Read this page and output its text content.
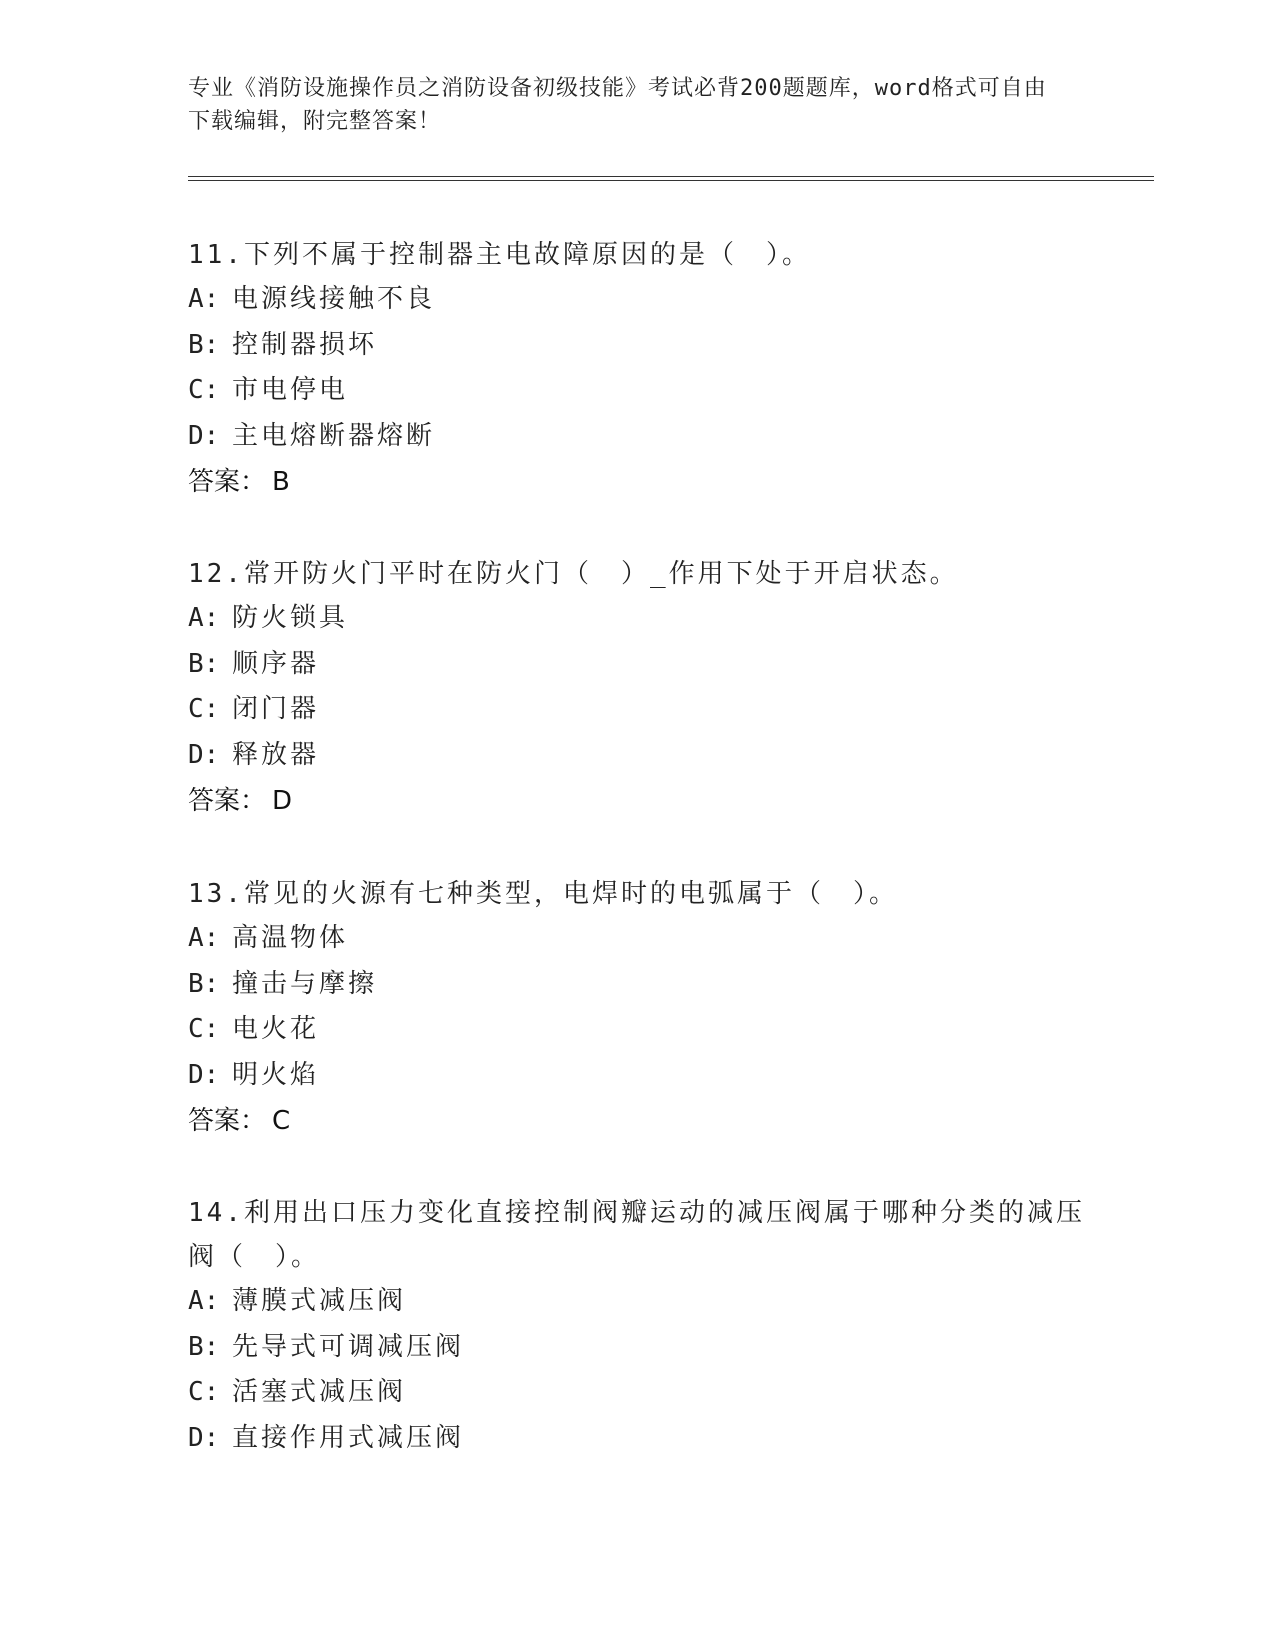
专业《消防设施操作员之消防设备初级技能》考试必背200题题库，word格式可自由下载编辑，附完整答案！
11.下列不属于控制器主电故障原因的是（　）。
A: 电源线接触不良
B: 控制器损坏
C: 市电停电
D: 主电熔断器熔断
答案： B
12.常开防火门平时在防火门（　）_作用下处于开启状态。
A: 防火锁具
B: 顺序器
C: 闭门器
D: 释放器
答案： D
13.常见的火源有七种类型，电焊时的电弧属于（　）。
A: 高温物体
B: 撞击与摩擦
C: 电火花
D: 明火焰
答案： C
14.利用出口压力变化直接控制阀瓣运动的减压阀属于哪种分类的减压阀（　）。
A: 薄膜式减压阀
B: 先导式可调减压阀
C: 活塞式减压阀
D: 直接作用式减压阀
